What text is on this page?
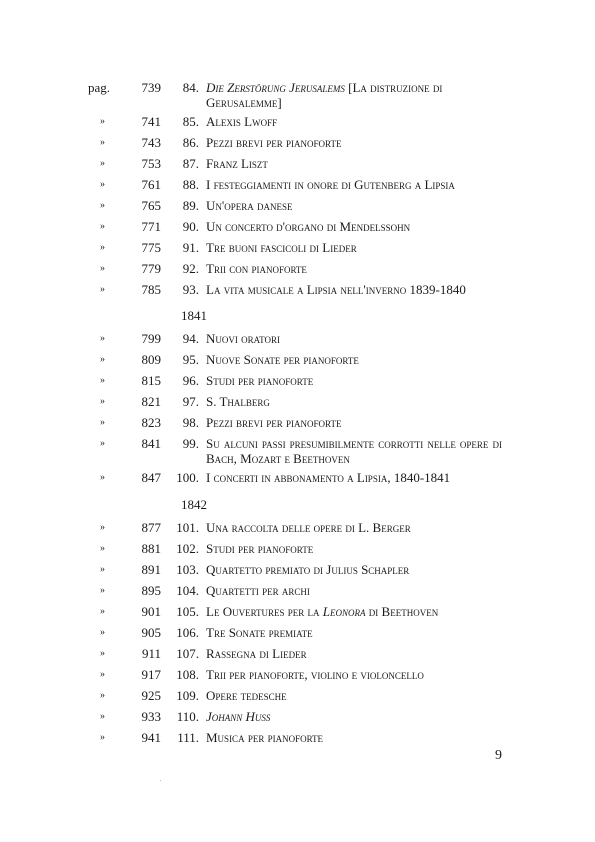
pag.	739	84. Die Zerstörung Jerusalems [La distruzione di Gerusalemme]
»	741	85. Alexis Lwoff
»	743	86. Pezzi brevi per pianoforte
»	753	87. Franz Liszt
»	761	88. I festeggiamenti in onore di Gutenberg a Lipsia
»	765	89. Un'opera danese
»	771	90. Un concerto d'organo di Mendelssohn
»	775	91. Tre buoni fascicoli di Lieder
»	779	92. Trii con pianoforte
»	785	93. La vita musicale a Lipsia nell'inverno 1839-1840
1841
»	799	94. Nuovi oratori
»	809	95. Nuove Sonate per pianoforte
»	815	96. Studi per pianoforte
»	821	97. S. Thalberg
»	823	98. Pezzi brevi per pianoforte
»	841	99. Su alcuni passi presumibilmente corrotti nelle opere di Bach, Mozart e Beethoven
»	847	100. I concerti in abbonamento a Lipsia, 1840-1841
1842
»	877	101. Una raccolta delle opere di L. Berger
»	881	102. Studi per pianoforte
»	891	103. Quartetto premiato di Julius Schapler
»	895	104. Quartetti per archi
»	901	105. Le Ouvertures per la Leonora di Beethoven
»	905	106. Tre Sonate premiate
»	911	107. Rassegna di Lieder
»	917	108. Trii per pianoforte, violino e violoncello
»	925	109. Opere tedesche
»	933	110. Johann Huss
»	941	111. Musica per pianoforte
9
